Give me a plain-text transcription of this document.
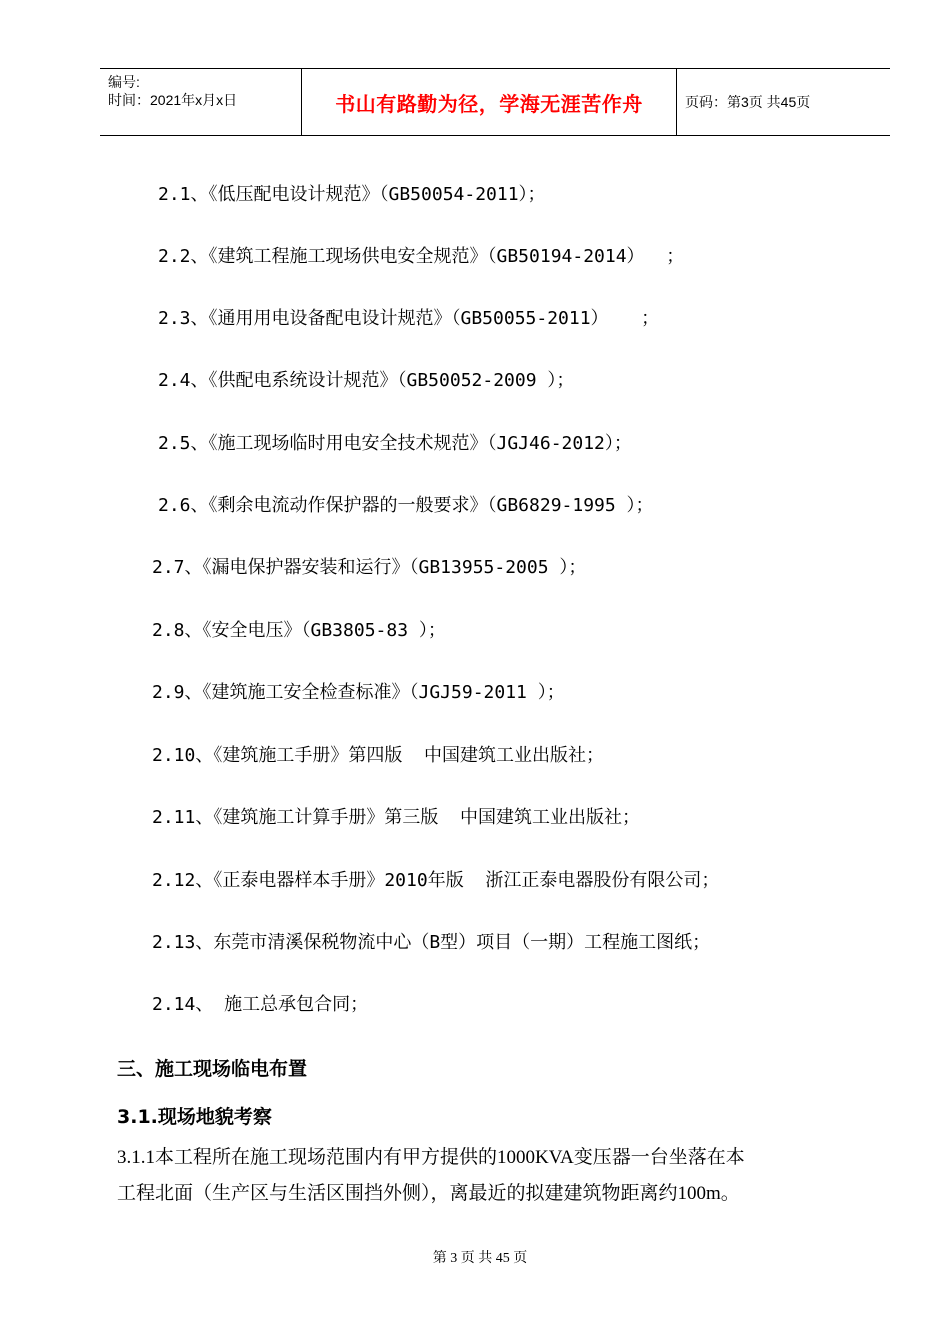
编号:
时间：2021年x月x日	书山有路勤为径，学海无涯苦作舟	页码：第3页 共45页
2.1、《低压配电设计规范》（GB50054-2011）；
2.2、《建筑工程施工现场供电安全规范》（GB50194-2014）  ；
2.3、《通用用电设备配电设计规范》（GB50055-2011）   ；
2.4、《供配电系统设计规范》（GB50052-2009 ）；
2.5、《施工现场临时用电安全技术规范》（JGJ46-2012）；
2.6、《剩余电流动作保护器的一般要求》（GB6829-1995 ）；
2.7、《漏电保护器安装和运行》（GB13955-2005 ）；
2.8、《安全电压》（GB3805-83 ）；
2.9、《建筑施工安全检查标准》（JGJ59-2011 ）；
2.10、《建筑施工手册》第四版  中国建筑工业出版社；
2.11、《建筑施工计算手册》第三版  中国建筑工业出版社；
2.12、《正泰电器样本手册》2010年版  浙江正泰电器股份有限公司；
2.13、东莞市清溪保税物流中心（B型）项目（一期）工程施工图纸；
2.14、 施工总承包合同；
三、施工现场临电布置
3.1.现场地貌考察
3.1.1本工程所在施工现场范围内有甲方提供的1000KVA变压器一台坐落在本
工程北面（生产区与生活区围挡外侧），离最近的拟建建筑物距离约100m。
第 3 页 共 45 页
